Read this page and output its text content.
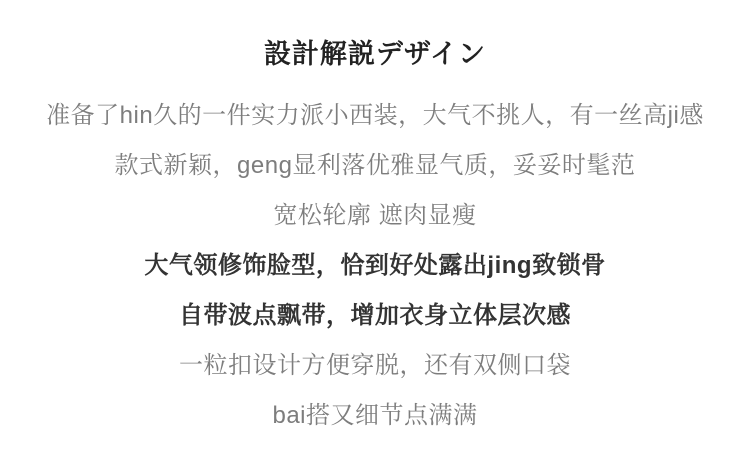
設計解説デザイン

准备了hin久的一件实力派小西装，大气不挑人，有一丝高ji感

款式新颖，geng显利落优雅显气质，妥妥时髦范

宽松轮廓 遮肉显瘦

大气领修饰脸型，恰到好处露出jing致锁骨

自带波点飘带，增加衣身立体层次感

一粒扣设计方便穿脱，还有双侧口袋

bai搭又细节点满满
